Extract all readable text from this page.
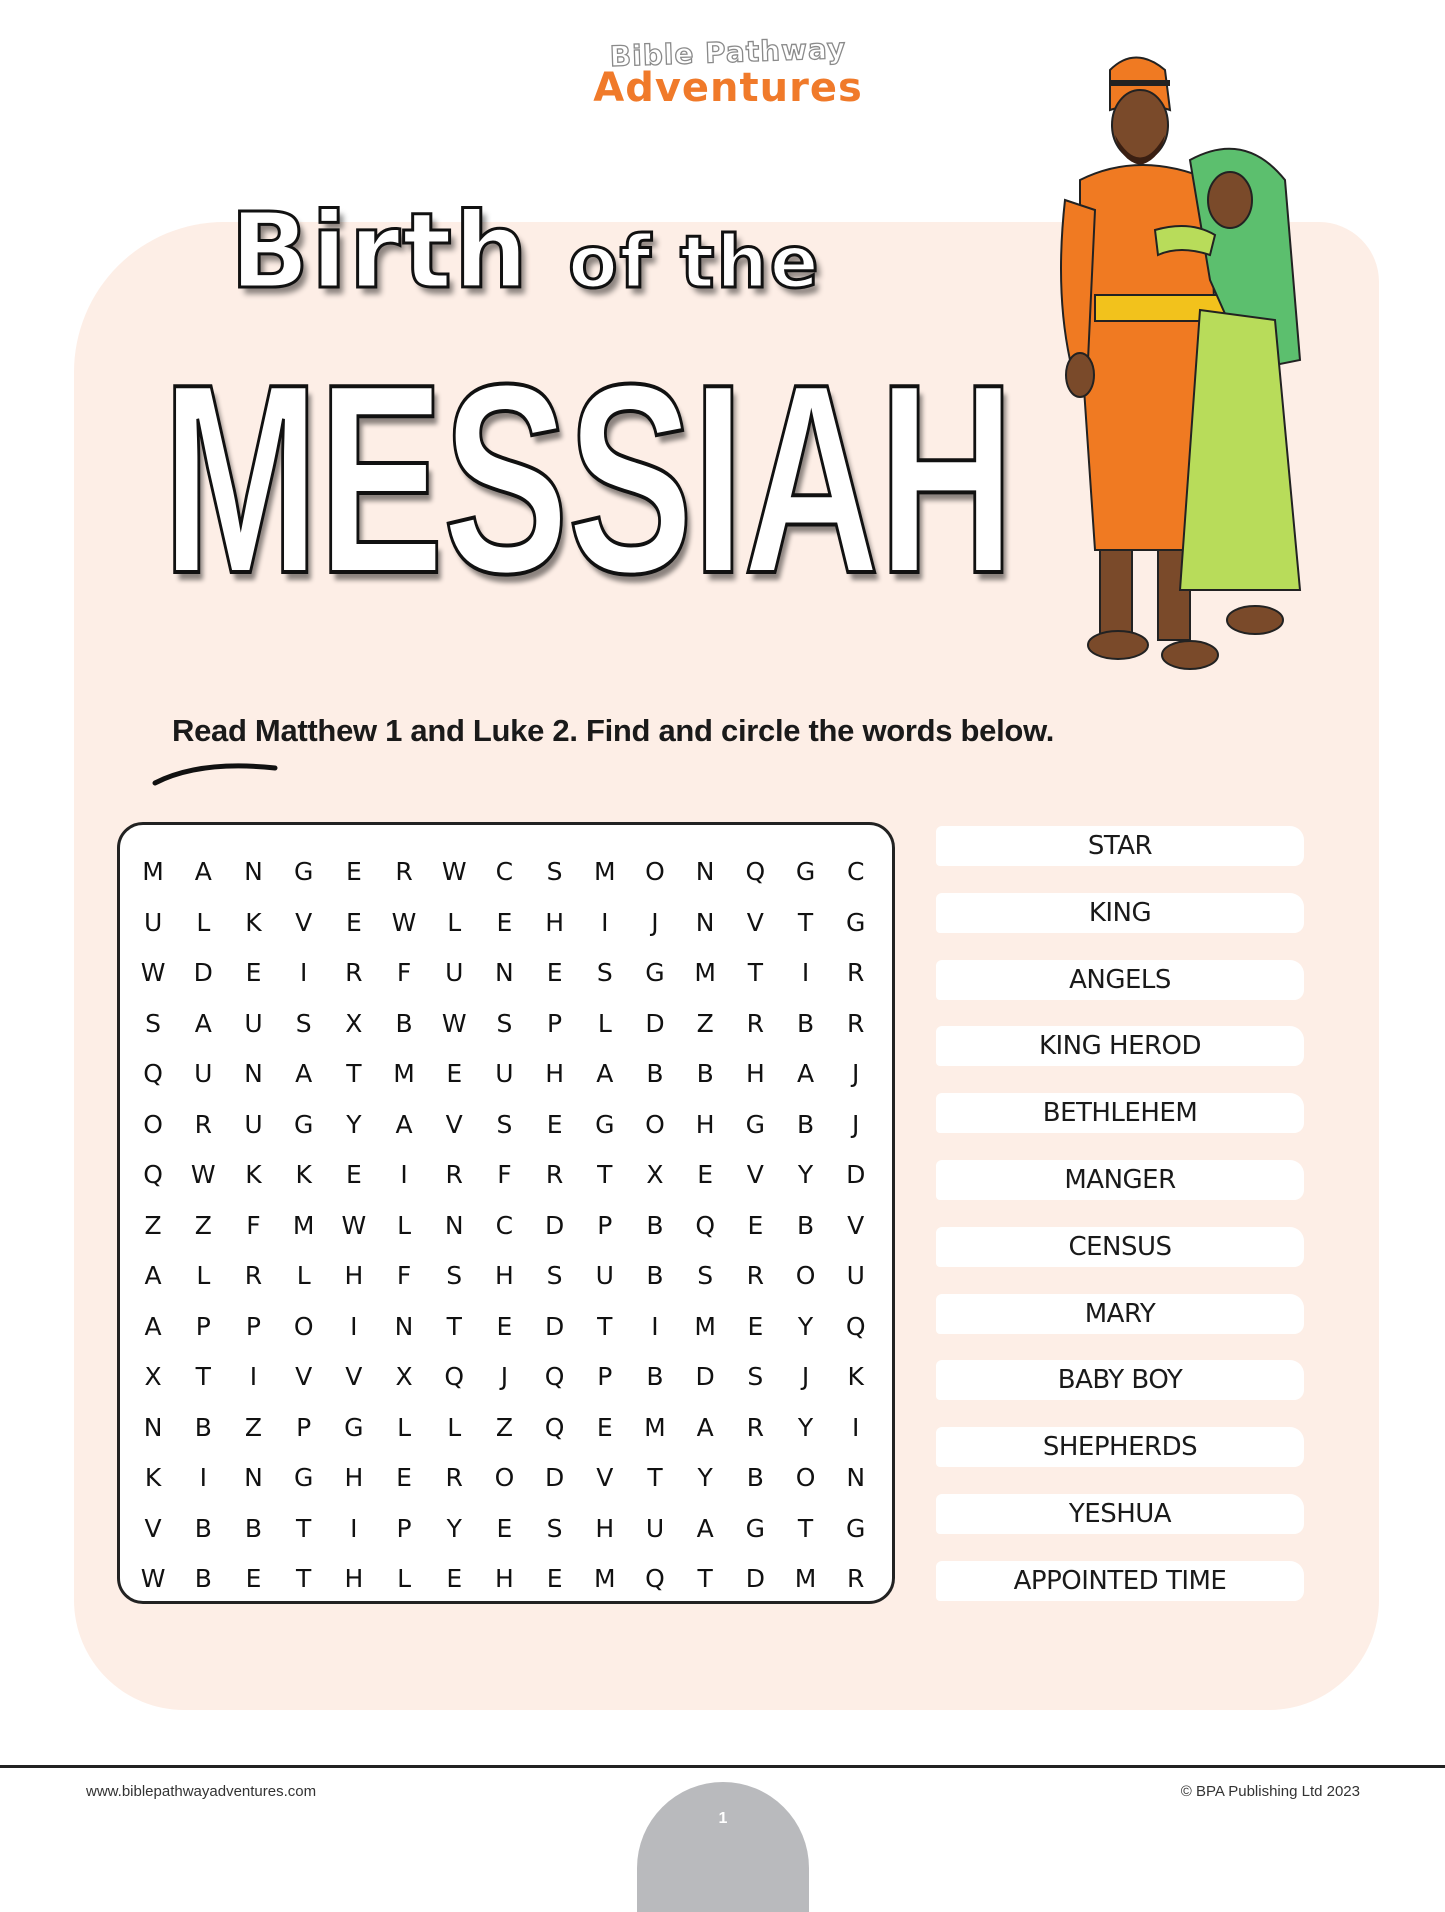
Bible Pathway
Adventures
Birth of the
MESSIAH
Read Matthew 1 and Luke 2. Find and circle the words below.
M	A	N	G	E	R	W	C	S	M	O	N	Q	G	C
U	L	K	V	E	W	L	E	H	I	J	N	V	T	G
W	D	E	I	R	F	U	N	E	S	G	M	T	I	R
S	A	U	S	X	B	W	S	P	L	D	Z	R	B	R
Q	U	N	A	T	M	E	U	H	A	B	B	H	A	J
O	R	U	G	Y	A	V	S	E	G	O	H	G	B	J
Q	W	K	K	E	I	R	F	R	T	X	E	V	Y	D
Z	Z	F	M	W	L	N	C	D	P	B	Q	E	B	V
A	L	R	L	H	F	S	H	S	U	B	S	R	O	U
A	P	P	O	I	N	T	E	D	T	I	M	E	Y	Q
X	T	I	V	V	X	Q	J	Q	P	B	D	S	J	K
N	B	Z	P	G	L	L	Z	Q	E	M	A	R	Y	I
K	I	N	G	H	E	R	O	D	V	T	Y	B	O	N
V	B	B	T	I	P	Y	E	S	H	U	A	G	T	G
W	B	E	T	H	L	E	H	E	M	Q	T	D	M	R
STAR
KING
ANGELS
KING HEROD
BETHLEHEM
MANGER
CENSUS
MARY
BABY BOY
SHEPHERDS
YESHUA
APPOINTED TIME
www.biblepathwayadventures.com	© BPA Publishing Ltd 2023
1
